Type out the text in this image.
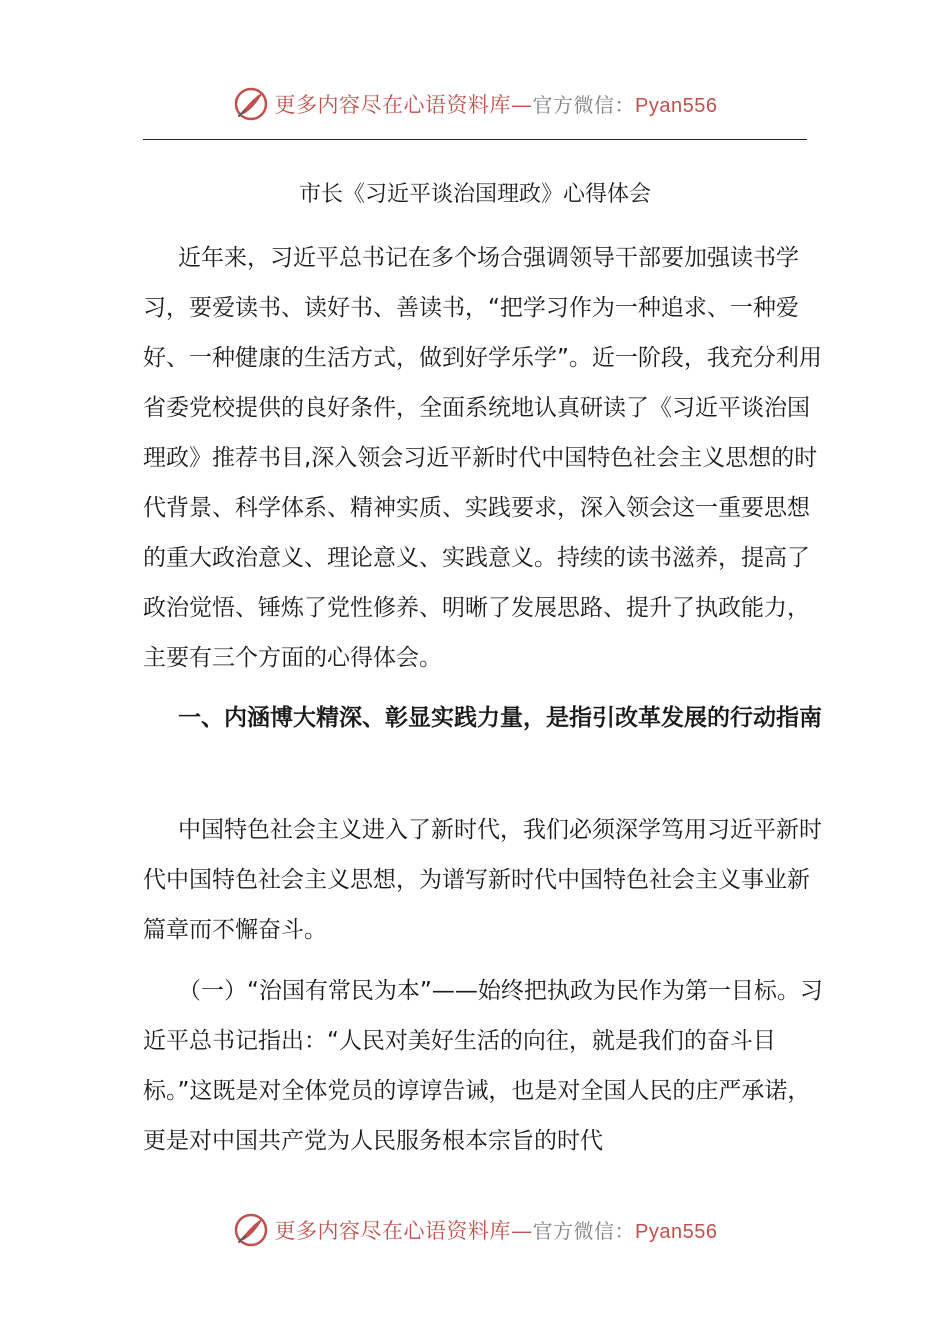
更多内容尽在心语资料库—官方微信：Pyan556
市长《习近平谈治国理政》心得体会

近年来，习近平总书记在多个场合强调领导干部要加强读书学习，要爱读书、读好书、善读书，“把学习作为一种追求、一种爱好、一种健康的生活方式，做到好学乐学”。近一阶段，我充分利用省委党校提供的良好条件，全面系统地认真研读了《习近平谈治国理政》推荐书目,深入领会习近平新时代中国特色社会主义思想的时代背景、科学体系、精神实质、实践要求，深入领会这一重要思想的重大政治意义、理论意义、实践意义。持续的读书滋养，提高了政治觉悟、锤炼了党性修养、明晰了发展思路、提升了执政能力，主要有三个方面的心得体会。

一、内涵博大精深、彰显实践力量，是指引改革发展的行动指南

中国特色社会主义进入了新时代，我们必须深学笃用习近平新时代中国特色社会主义思想，为谱写新时代中国特色社会主义事业新篇章而不懈奋斗。

（一）“治国有常民为本”——始终把执政为民作为第一目标。习近平总书记指出：“人民对美好生活的向往，就是我们的奋斗目标。”这既是对全体党员的谆谆告诫，也是对全国人民的庄严承诺，更是对中国共产党为人民服务根本宗旨的时代

更多内容尽在心语资料库—官方微信：Pyan556
